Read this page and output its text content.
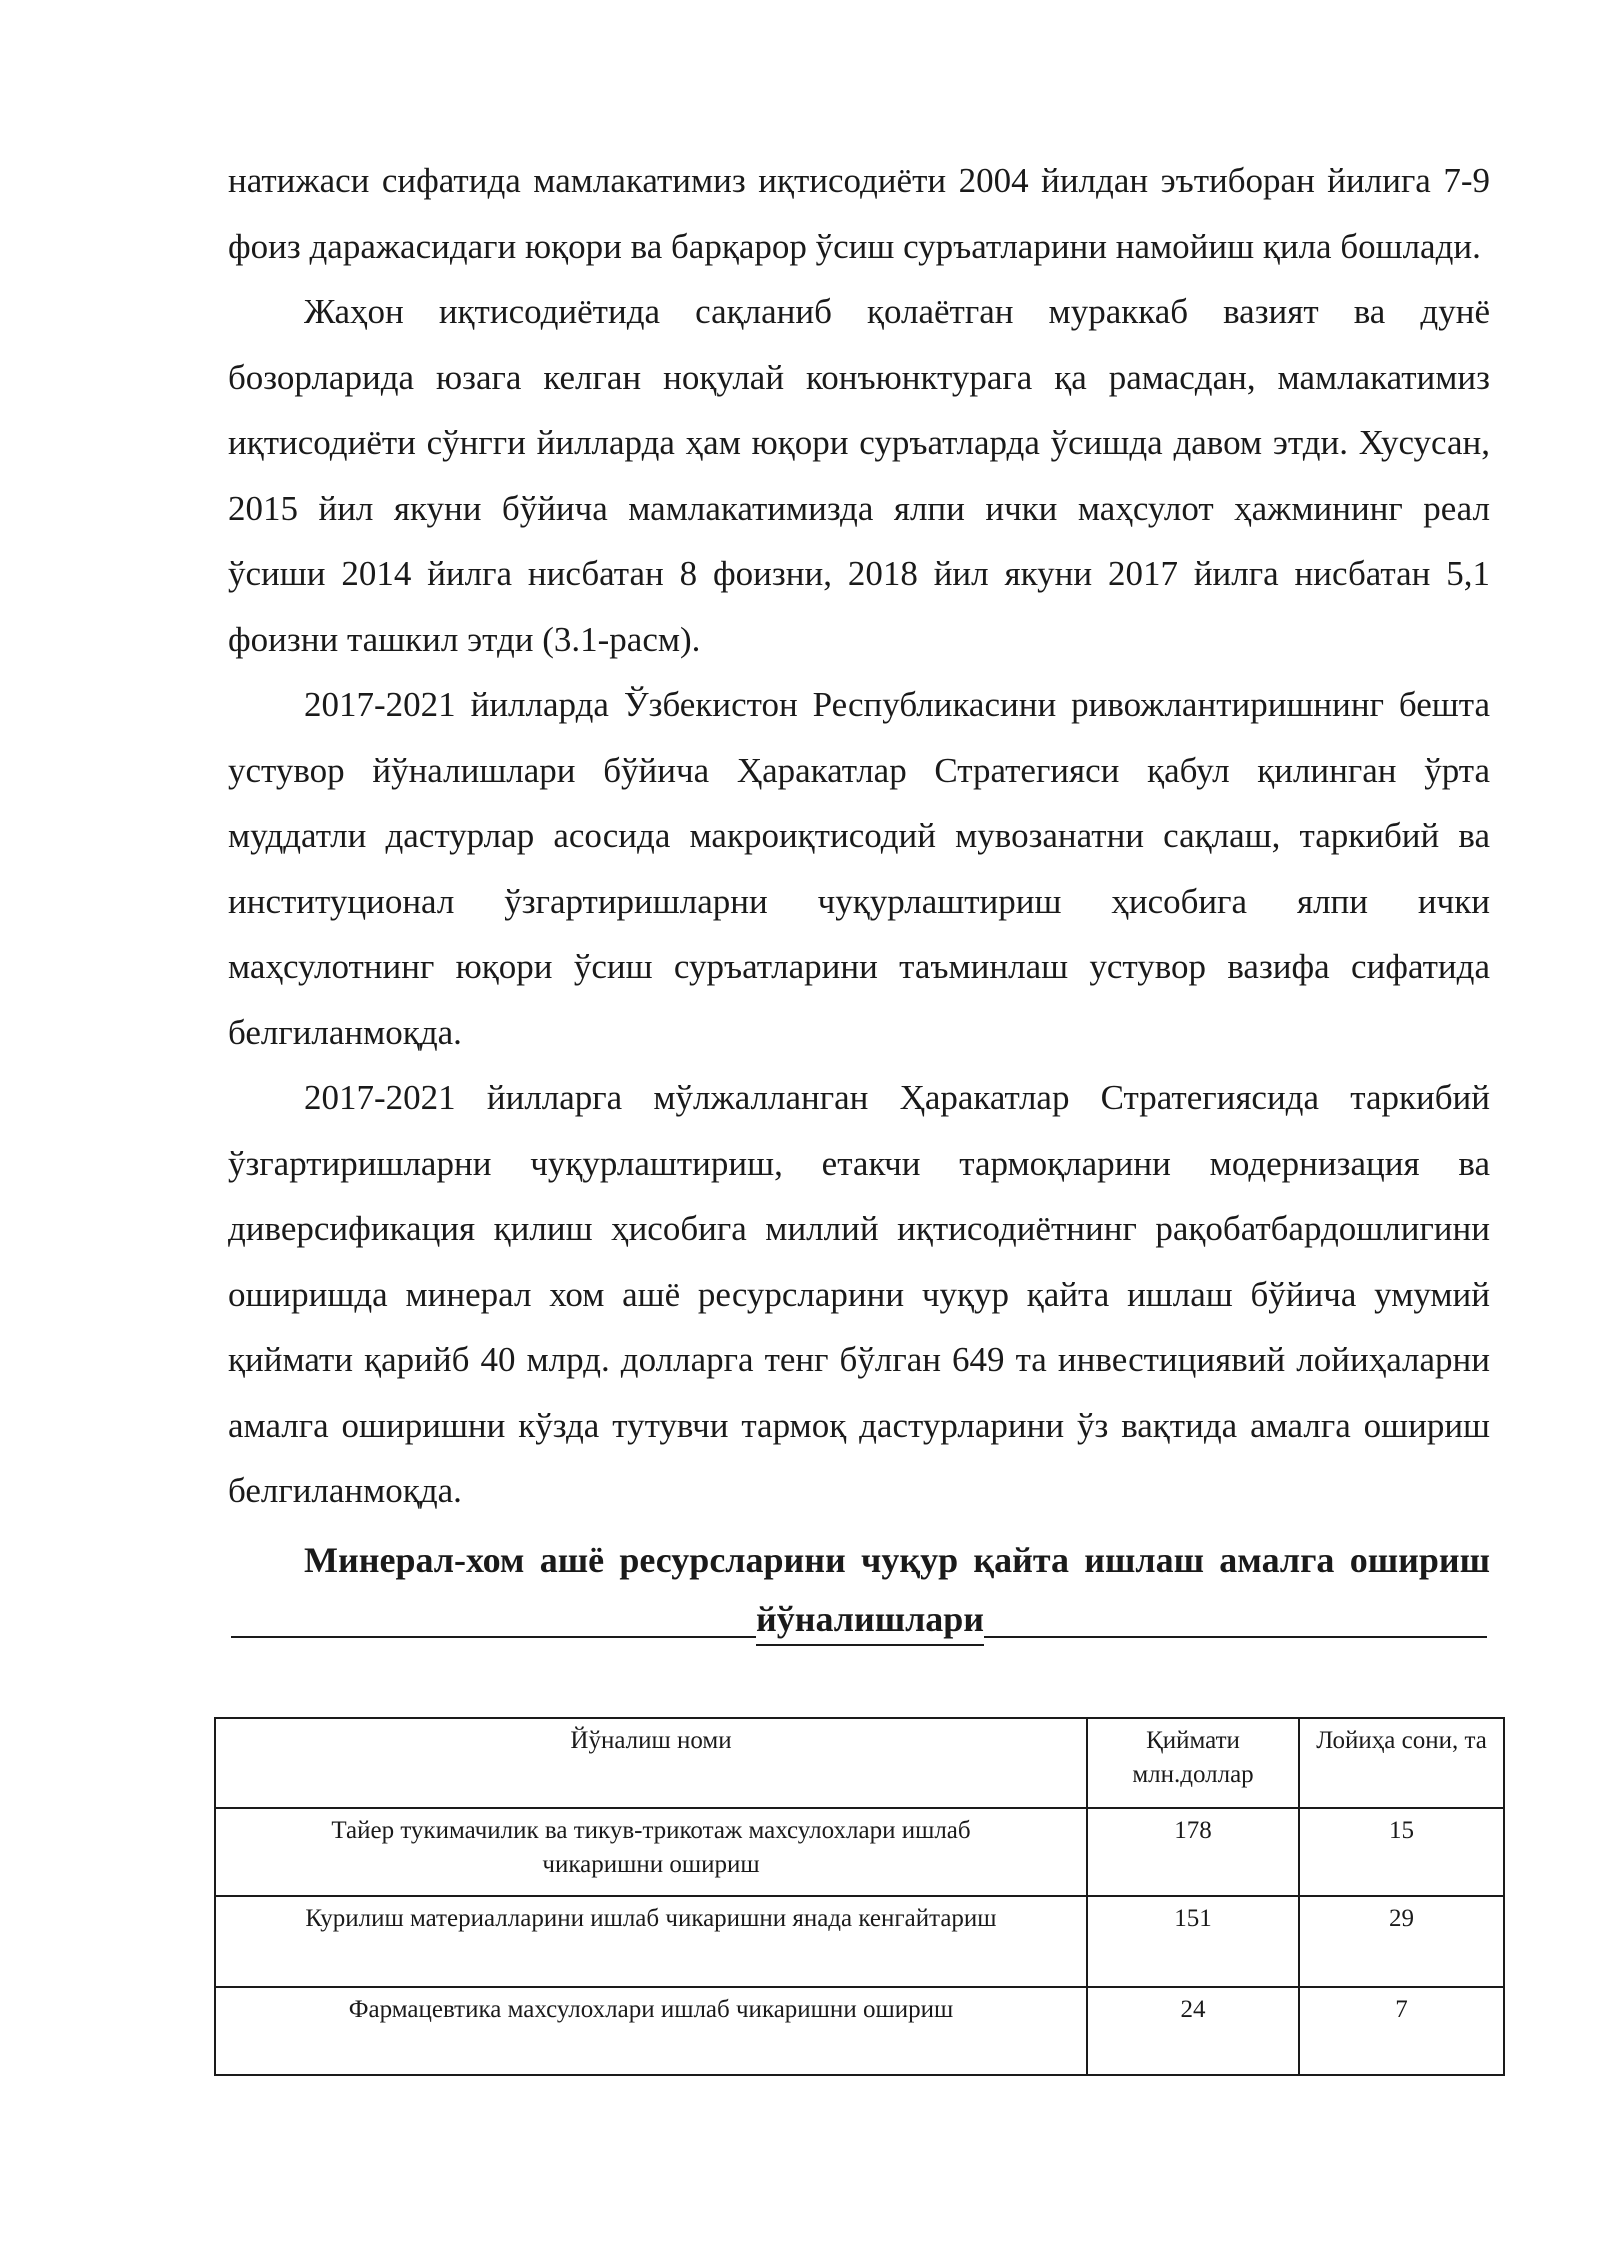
натижаси сифатида мамлакатимиз иқтисодиёти 2004 йилдан эътиборан йилига 7-9 фоиз даражасидаги юқори ва барқарор ўсиш суръатларини намойиш қила бошлади.

Жаҳон иқтисодиётида сақланиб қолаётган мураккаб вазият ва дунё бозорларида юзага келган ноқулай конъюнктурага қа рамасдан, мамлакатимиз иқтисодиёти сўнгги йилларда ҳам юқори суръатларда ўсишда давом этди. Хусусан, 2015 йил якуни бўйича мамлакатимизда ялпи ички маҳсулот ҳажмининг реал ўсиши 2014 йилга нисбатан 8 фоизни, 2018 йил якуни 2017 йилга нисбатан 5,1 фоизни ташкил этди (3.1-расм).

2017-2021 йилларда Ўзбекистон Республикасини ривожлантиришнинг бешта устувор йўналишлари бўйича Ҳаракатлар Стратегияси қабул қилинган ўрта муддатли дастурлар асосида макроиқтисодий мувозанатни сақлаш, таркибий ва институционал ўзгартиришларни чуқурлаштириш ҳисобига ялпи ички маҳсулотнинг юқори ўсиш суръатларини таъминлаш устувор вазифа сифатида белгиланмоқда.

2017-2021 йилларга мўлжалланган Ҳаракатлар Стратегиясида таркибий ўзгартиришларни чуқурлаштириш, етакчи тармоқларини модернизация ва диверсификация қилиш ҳисобига миллий иқтисодиётнинг рақобатбардошлигини оширишда минерал хом ашё ресурсларини чуқур қайта ишлаш бўйича умумий қиймати қарийб 40 млрд. долларга тенг бўлган 649 та инвестициявий лойиҳаларни амалга оширишни кўзда тутувчи тармоқ дастурларини ўз вақтида амалга ошириш белгиланмоқда.

Минерал-хом ашё ресурсларини чуқур қайта ишлаш амалга ошириш

йўналишлари
Йўналиш номи	Қиймати млн.доллар	Лойиҳа сони, та
Тайер тукимачилик ва тикув-трикотаж махсулохлари ишлаб чикаришни ошириш	178	15
Курилиш материалларини ишлаб чикаришни янада кенгайтариш	151	29
Фармацевтика махсулохлари ишлаб чикаришни ошириш	24	7
